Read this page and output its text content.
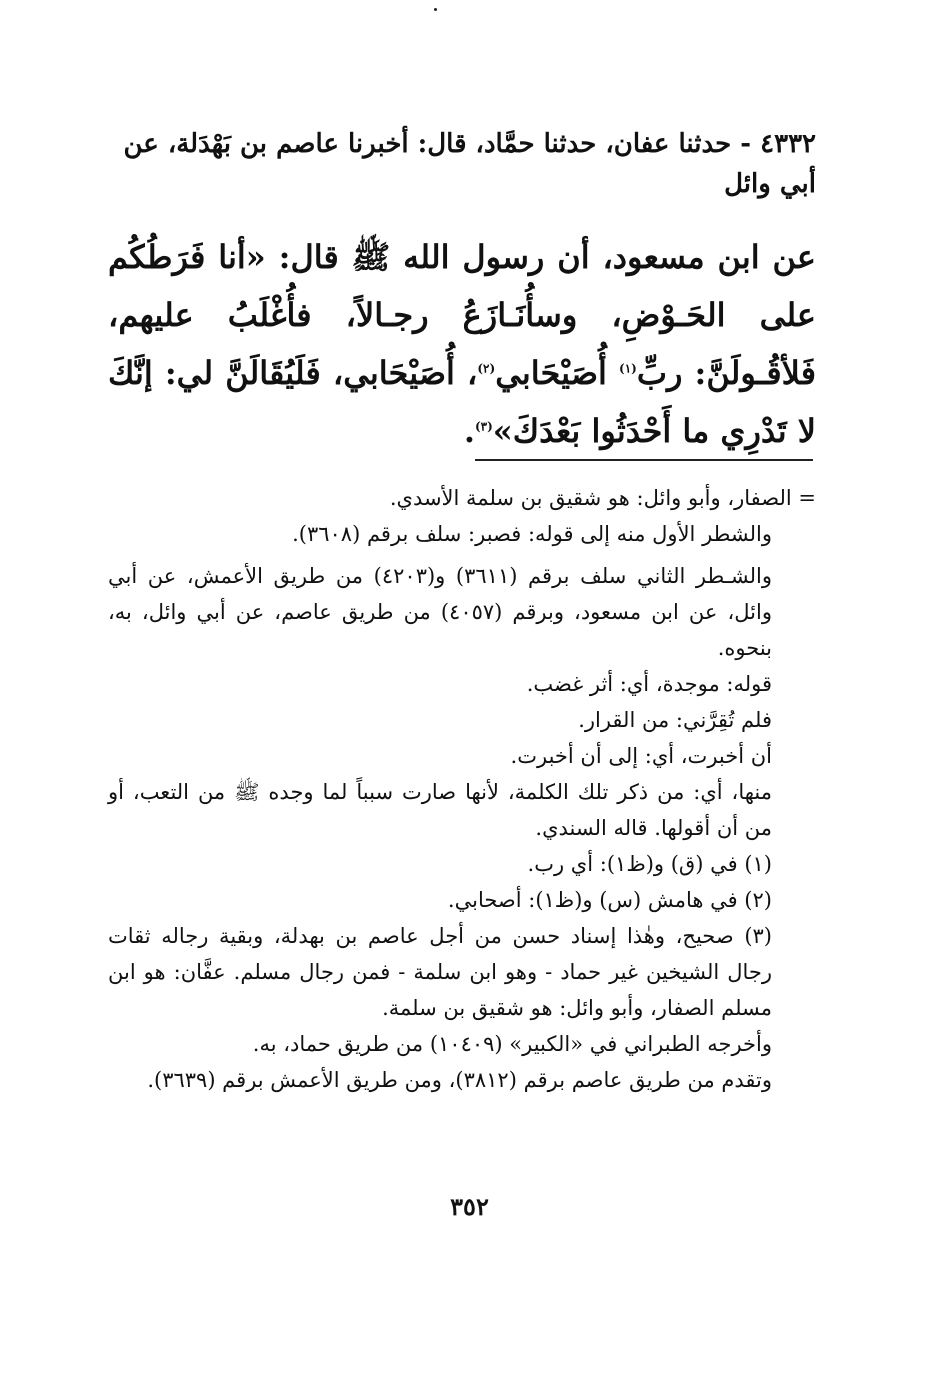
٤٣٣٢ - حدثنا عفان، حدثنا حمَّاد، قال: أخبرنا عاصم بن بَهْدَلة، عن

أبي وائل

عن ابن مسعود، أن رسول الله ﷺ قال: «أنا فَرَطُكُم على الحَـوْضِ، وسأُنَـازَعُ رجـالاً، فأُغْلَبُ عليهم، فَلأقُـولَنَّ: ربِّ$^{(١)}$ أُصَيْحَابي$^{(٢)}$، أُصَيْحَابي، فَلَيُقَالَنَّ لي: إنَّكَ لا تَدْرِي ما أَحْدَثُوا بَعْدَكَ»$^{(٣)}$.

= الصفار، وأبو وائل: هو شقيق بن سلمة الأسدي.

والشطر الأول منه إلى قوله: فصبر: سلف برقم (٣٦٠٨).

والشـطر الثاني سلف برقم (٣٦١١) و(٤٢٠٣) من طريق الأعمش، عن أبي وائل، عن ابن مسعود، وبرقم (٤٠٥٧) من طريق عاصم، عن أبي وائل، به، بنحوه.

قوله: موجدة، أي: أثر غضب.

فلم تُقِرَّني: من القرار.

أن أخبرت، أي: إلى أن أخبرت.

منها، أي: من ذكر تلك الكلمة، لأنها صارت سبباً لما وجده ﷺ من التعب، أو من أن أقولها. قاله السندي.

(١) في (ق) و(ظ١): أي رب.

(٢) في هامش (س) و(ظ١): أصحابي.

(٣) صحيح، وهٰذا إسناد حسن من أجل عاصم بن بهدلة، وبقية رجاله ثقات رجال الشيخين غير حماد - وهو ابن سلمة - فمن رجال مسلم. عفَّان: هو ابن مسلم الصفار، وأبو وائل: هو شقيق بن سلمة.

وأخرجه الطبراني في «الكبير» (١٠٤٠٩) من طريق حماد، به.

وتقدم من طريق عاصم برقم (٣٨١٢)، ومن طريق الأعمش برقم (٣٦٣٩).

٣٥٢
